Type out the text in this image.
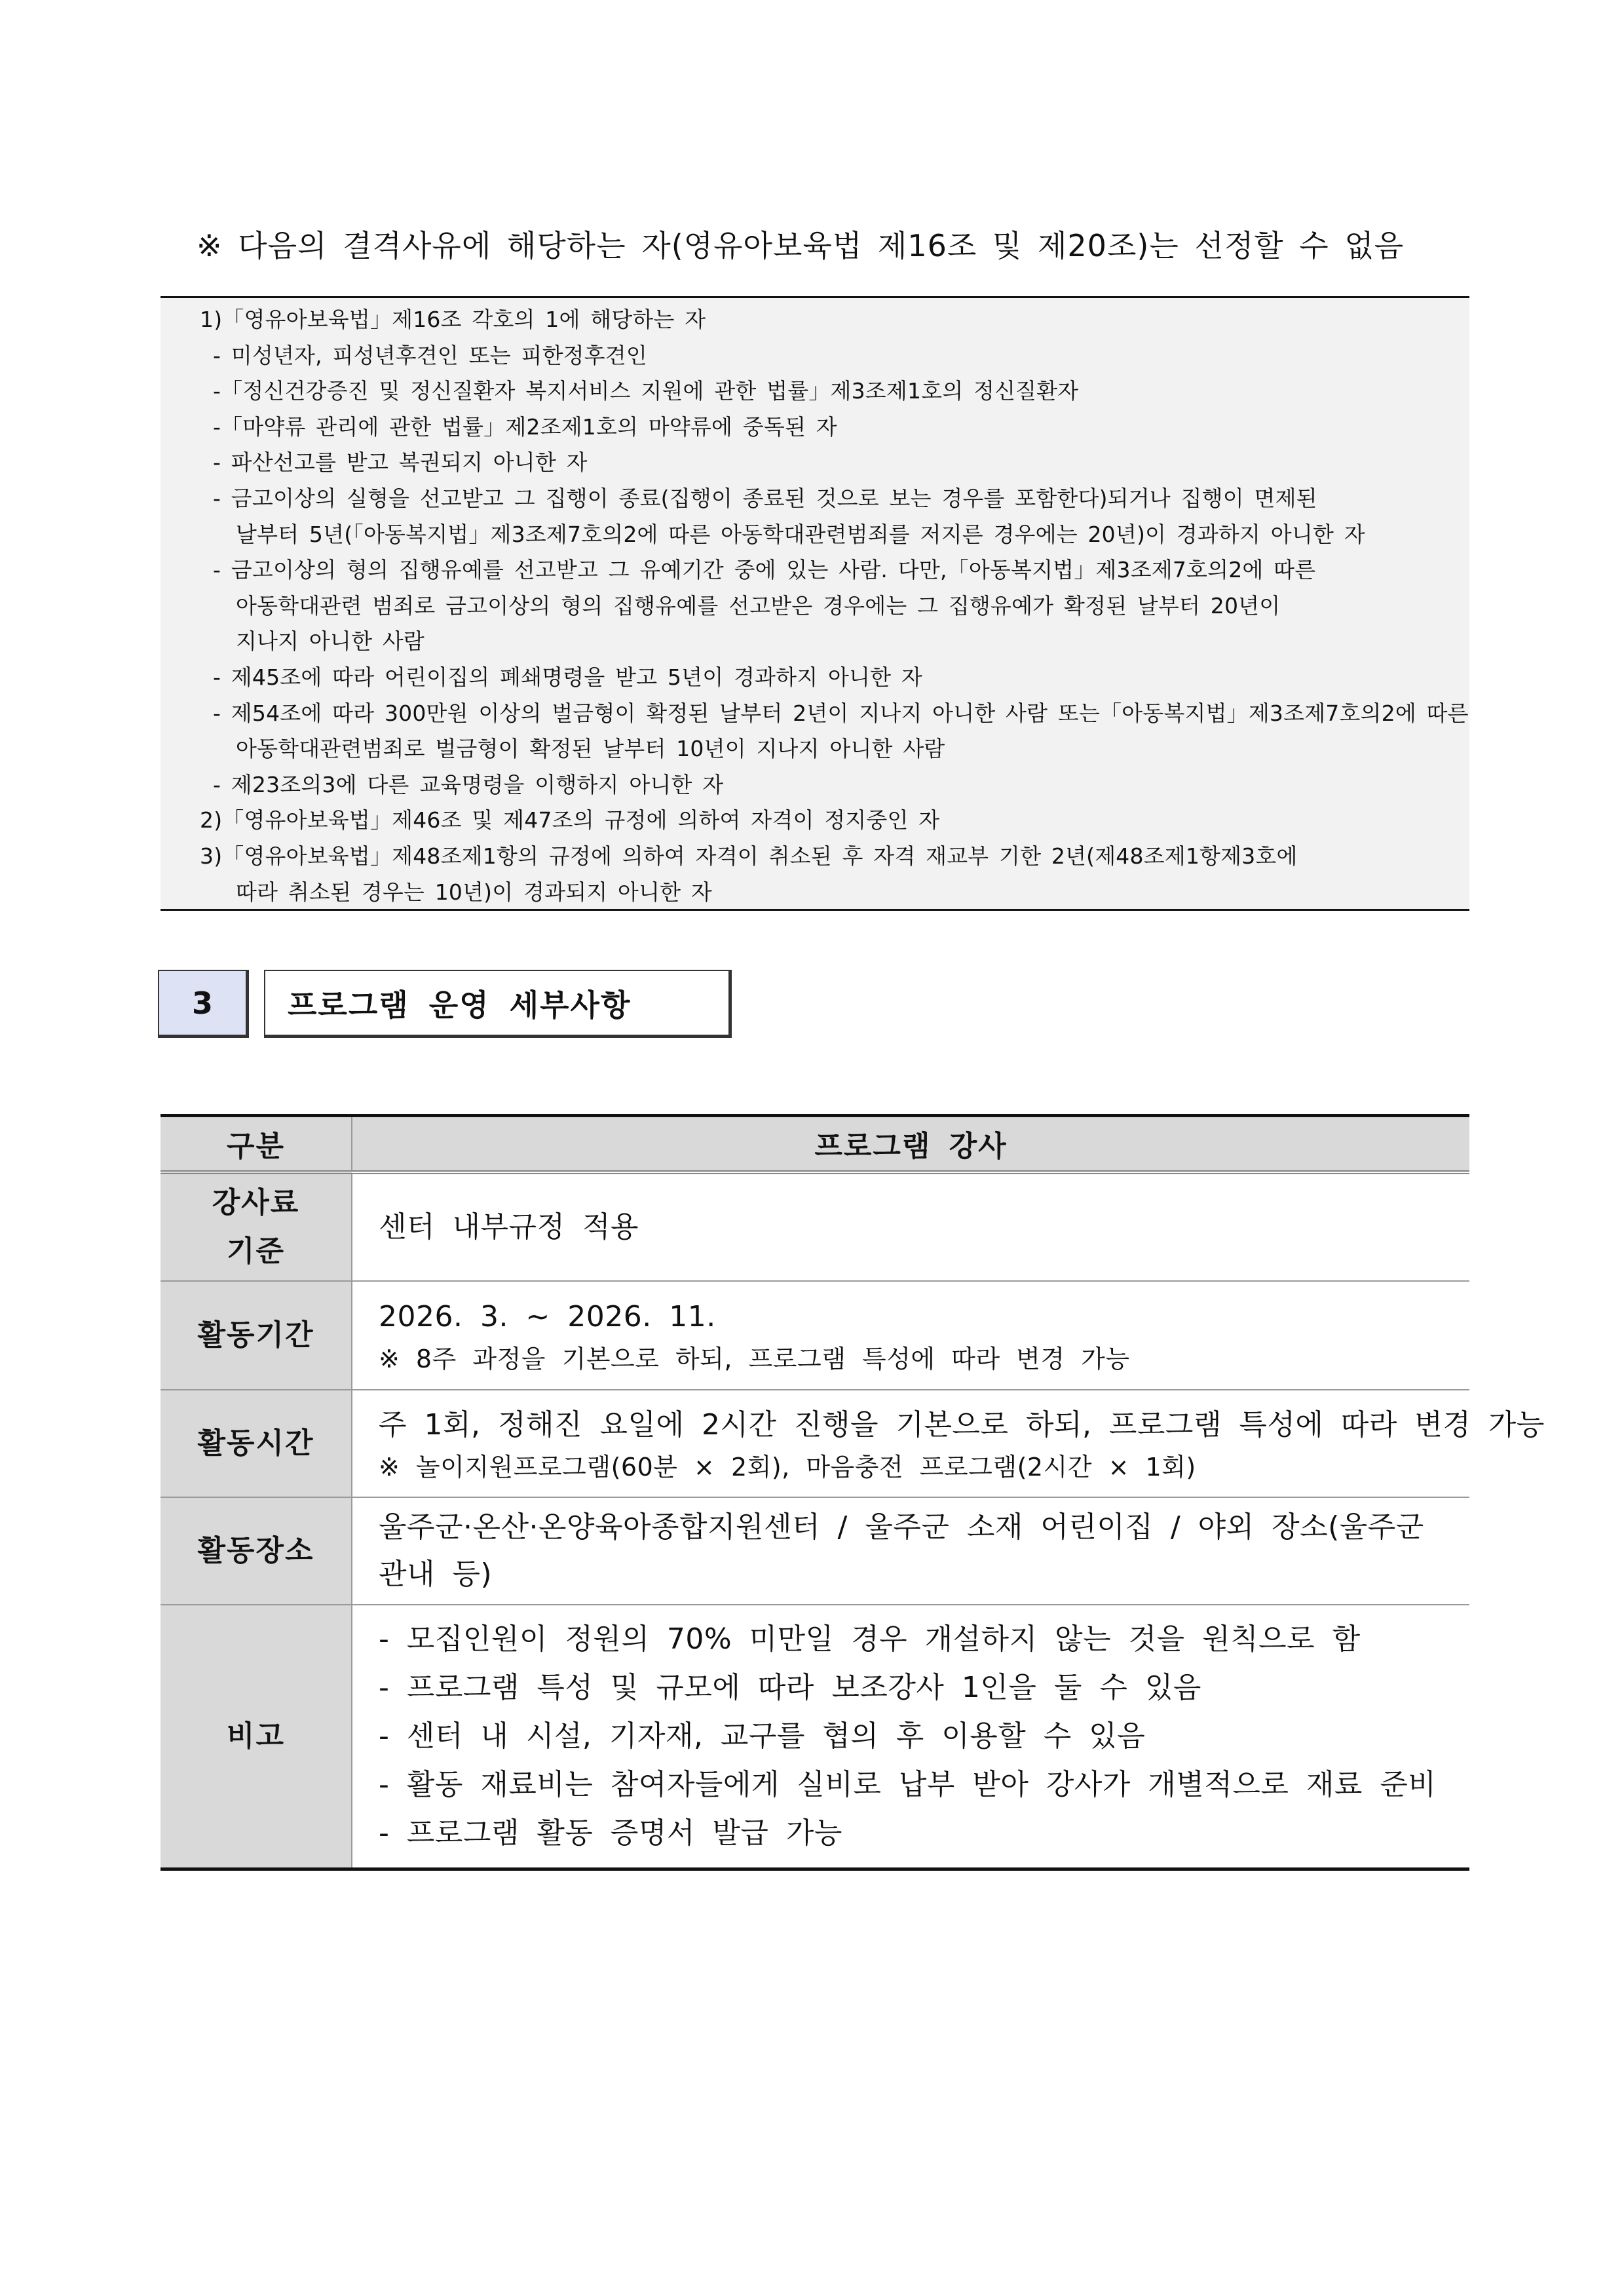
※ 다음의 결격사유에 해당하는 자(영유아보육법 제16조 및 제20조)는 선정할 수 없음
1)「영유아보육법」제16조 각호의 1에 해당하는 자
- 미성년자, 피성년후견인 또는 피한정후견인
-「정신건강증진 및 정신질환자 복지서비스 지원에 관한 법률」제3조제1호의 정신질환자
-「마약류 관리에 관한 법률」제2조제1호의 마약류에 중독된 자
- 파산선고를 받고 복권되지 아니한 자
- 금고이상의 실형을 선고받고 그 집행이 종료(집행이 종료된 것으로 보는 경우를 포함한다)되거나 집행이 면제된
날부터 5년(「아동복지법」제3조제7호의2에 따른 아동학대관련범죄를 저지른 경우에는 20년)이 경과하지 아니한 자
- 금고이상의 형의 집행유예를 선고받고 그 유예기간 중에 있는 사람. 다만,「아동복지법」제3조제7호의2에 따른
아동학대관련 범죄로 금고이상의 형의 집행유예를 선고받은 경우에는 그 집행유예가 확정된 날부터 20년이
지나지 아니한 사람
- 제45조에 따라 어린이집의 폐쇄명령을 받고 5년이 경과하지 아니한 자
- 제54조에 따라 300만원 이상의 벌금형이 확정된 날부터 2년이 지나지 아니한 사람 또는「아동복지법」제3조제7호의2에 따른
아동학대관련범죄로 벌금형이 확정된 날부터 10년이 지나지 아니한 사람
- 제23조의3에 다른 교육명령을 이행하지 아니한 자
2)「영유아보육법」제46조 및 제47조의 규정에 의하여 자격이 정지중인 자
3)「영유아보육법」제48조제1항의 규정에 의하여 자격이 취소된 후 자격 재교부 기한 2년(제48조제1항제3호에
따라 취소된 경우는 10년)이 경과되지 아니한 자
3	프로그램 운영 세부사항
구분	프로그램 강사

강사료
기준	센터 내부규정 적용

활동기간	2026. 3. ~ 2026. 11.
※ 8주 과정을 기본으로 하되, 프로그램 특성에 따라 변경 가능

활동시간	주 1회, 정해진 요일에 2시간 진행을 기본으로 하되, 프로그램 특성에 따라 변경 가능
※ 놀이지원프로그램(60분 × 2회), 마음충전 프로그램(2시간 × 1회)

활동장소	울주군·온산·온양육아종합지원센터 / 울주군 소재 어린이집 / 야외 장소(울주군
관내 등)

비고	- 모집인원이 정원의 70% 미만일 경우 개설하지 않는 것을 원칙으로 함
- 프로그램 특성 및 규모에 따라 보조강사 1인을 둘 수 있음
- 센터 내 시설, 기자재, 교구를 협의 후 이용할 수 있음
- 활동 재료비는 참여자들에게 실비로 납부 받아 강사가 개별적으로 재료 준비
- 프로그램 활동 증명서 발급 가능
